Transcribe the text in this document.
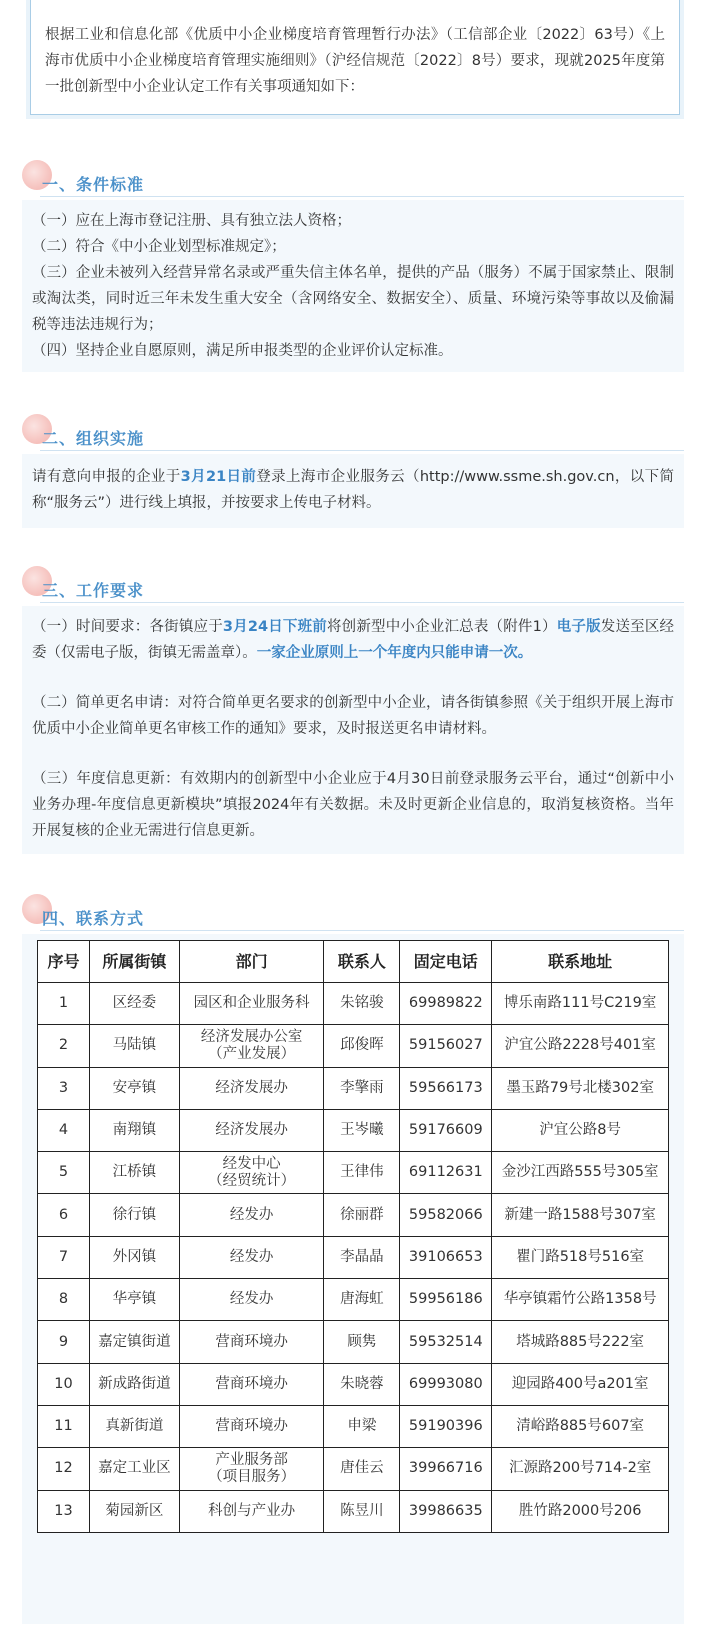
根据工业和信息化部《优质中小企业梯度培育管理暂行办法》（工信部企业〔2022〕63号）《上海市优质中小企业梯度培育管理实施细则》（沪经信规范〔2022〕8号）要求，现就2025年度第一批创新型中小企业认定工作有关事项通知如下：

一、条件标准

（一）应在上海市登记注册、具有独立法人资格；

（二）符合《中小企业划型标准规定》；

（三）企业未被列入经营异常名录或严重失信主体名单，提供的产品（服务）不属于国家禁止、限制或淘汰类，同时近三年未发生重大安全（含网络安全、数据安全）、质量、环境污染等事故以及偷漏税等违法违规行为；

（四）坚持企业自愿原则，满足所申报类型的企业评价认定标准。

二、组织实施

请有意向申报的企业于3月21日前登录上海市企业服务云（http://www.ssme.sh.gov.cn，以下简称“服务云”）进行线上填报，并按要求上传电子材料。

三、工作要求

（一）时间要求：各街镇应于3月24日下班前将创新型中小企业汇总表（附件1）电子版发送至区经委（仅需电子版，街镇无需盖章）。一家企业原则上一个年度内只能申请一次。

（二）简单更名申请：对符合简单更名要求的创新型中小企业，请各街镇参照《关于组织开展上海市优质中小企业简单更名审核工作的通知》要求，及时报送更名申请材料。

（三）年度信息更新：有效期内的创新型中小企业应于4月30日前登录服务云平台，通过“创新中小业务办理-年度信息更新模块”填报2024年有关数据。未及时更新企业信息的，取消复核资格。当年开展复核的企业无需进行信息更新。

四、联系方式
序号	所属街镇	部门	联系人	固定电话	联系地址
1	区经委	园区和企业服务科	朱铭骏	69989822	博乐南路111号C219室
2	马陆镇	经济发展办公室
（产业发展）	邱俊晖	59156027	沪宜公路2228号401室
3	安亭镇	经济发展办	李擎雨	59566173	墨玉路79号北楼302室
4	南翔镇	经济发展办	王岑曦	59176609	沪宜公路8号
5	江桥镇	经发中心
（经贸统计）	王律伟	69112631	金沙江西路555号305室
6	徐行镇	经发办	徐丽群	59582066	新建一路1588号307室
7	外冈镇	经发办	李晶晶	39106653	瞿门路518号516室
8	华亭镇	经发办	唐海虹	59956186	华亭镇霜竹公路1358号
9	嘉定镇街道	营商环境办	顾隽	59532514	塔城路885号222室
10	新成路街道	营商环境办	朱晓蓉	69993080	迎园路400号a201室
11	真新街道	营商环境办	申梁	59190396	清峪路885号607室
12	嘉定工业区	产业服务部
（项目服务）	唐佳云	39966716	汇源路200号714-2室
13	菊园新区	科创与产业办	陈昱川	39986635	胜竹路2000号206
